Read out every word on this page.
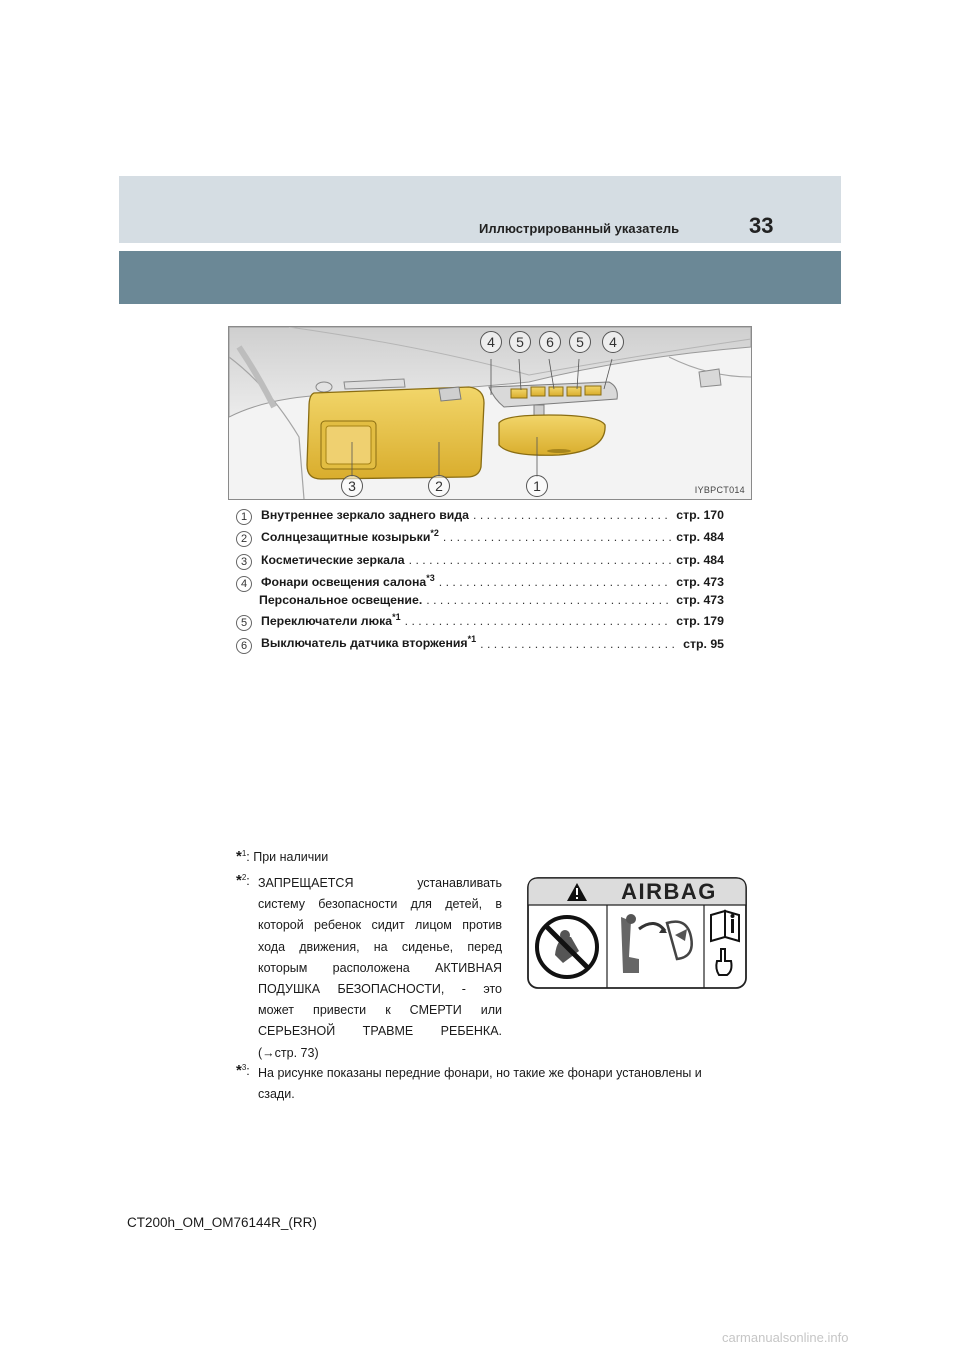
Иллюстрированный указатель	33
4	5	6	5	4
3	2	1	IYBPCT014
1	Внутреннее зеркало заднего вида . . .	стр. 170
2	Солнцезащитные козырьки$^{*2}$ . . .	стр. 484
3	Косметические зеркала . . .	стр. 484
4	Фонари освещения салона$^{*3}$ . . .	стр. 473
Персональное освещение. . . .	стр. 473
5	Переключатели люка$^{*1}$ . . .	стр. 179
6	Выключатель датчика вторжения$^{*1}$ . . .	стр. 95
*$^1$: При наличии
*$^2$: ЗАПРЕЩАЕТСЯ устанавливать
систему безопасности для детей, в
которой ребенок сидит лицом против
хода движения, на сиденье, перед
которым расположена АКТИВНАЯ
ПОДУШКА БЕЗОПАСНОСТИ, - это
может привести к СМЕРТИ или
СЕРЬЕЗНОЙ ТРАВМЕ РЕБЕНКА.
(→стр. 73)
AIRBAG
*$^3$: На рисунке показаны передние фонари, но такие же фонари установлены и сзади.
CT200h_OM_OM76144R_(RR)
carmanualsonline.info
